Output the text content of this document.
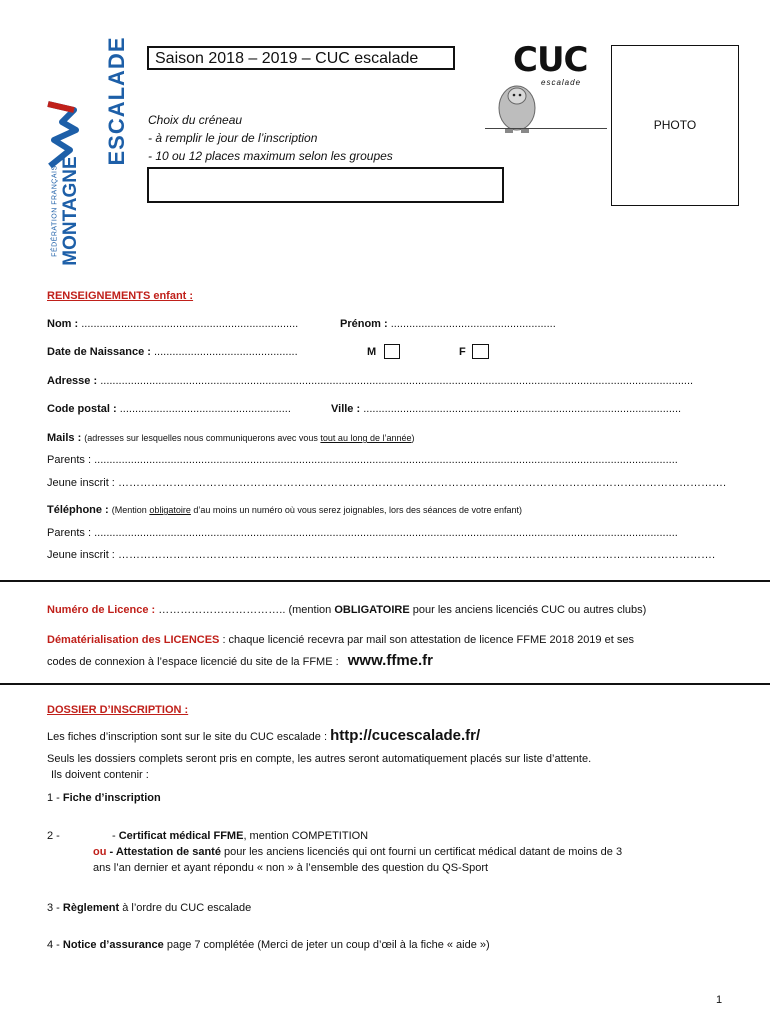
FÉDÉRATION FRANÇAISE MONTAGNE
ESCALADE Saison 2018 – 2019 – CUC escalade
Choix du créneau
- à remplir le jour de l’inscription
- 10 ou 12 places maximum selon les groupes
CUC
escalade
PHOTO
RENSEIGNEMENTS enfant :
Nom : .......................................................................	Prénom : ......................................................
Date de Naissance : ...............................................	M	F
Adresse : ..................................................................................................................................................................................................
Code postal : ........................................................	Ville : ........................................................................................................
Mails : (adresses sur lesquelles nous communiquerons avec vous tout au long de l’année)
Parents : ...............................................................................................................................................................................................
Jeune inscrit : ………………………………………………………………………………………………………………………………………………….
Téléphone : (Mention obligatoire d’au moins un numéro où vous serez joignables, lors des séances de votre enfant)
Parents : ...............................................................................................................................................................................................
Jeune inscrit : ……………………………………………………………………………………………………………………………………………….
Numéro de Licence : …………………………….. (mention OBLIGATOIRE pour les anciens licenciés CUC ou autres clubs)
Dématérialisation des LICENCES : chaque licencié recevra par mail son attestation de licence FFME 2018 2019 et ses
codes de connexion à l’espace licencié du site de la FFME : www.ffme.fr
DOSSIER D’INSCRIPTION :
Les fiches d’inscription sont sur le site du CUC escalade : http://cucescalade.fr/
Seuls les dossiers complets seront pris en compte, les autres seront automatiquement placés sur liste d’attente.
Ils doivent contenir :
1 - Fiche d’inscription
2 -	- Certificat médical FFME, mention COMPETITION
ou - Attestation de santé pour les anciens licenciés qui ont fourni un certificat médical datant de moins de 3
ans l’an dernier et ayant répondu « non » à l’ensemble des question du QS-Sport
3 - Règlement à l’ordre du CUC escalade
4 - Notice d’assurance page 7 complétée (Merci de jeter un coup d’œil à la fiche « aide »)
1
